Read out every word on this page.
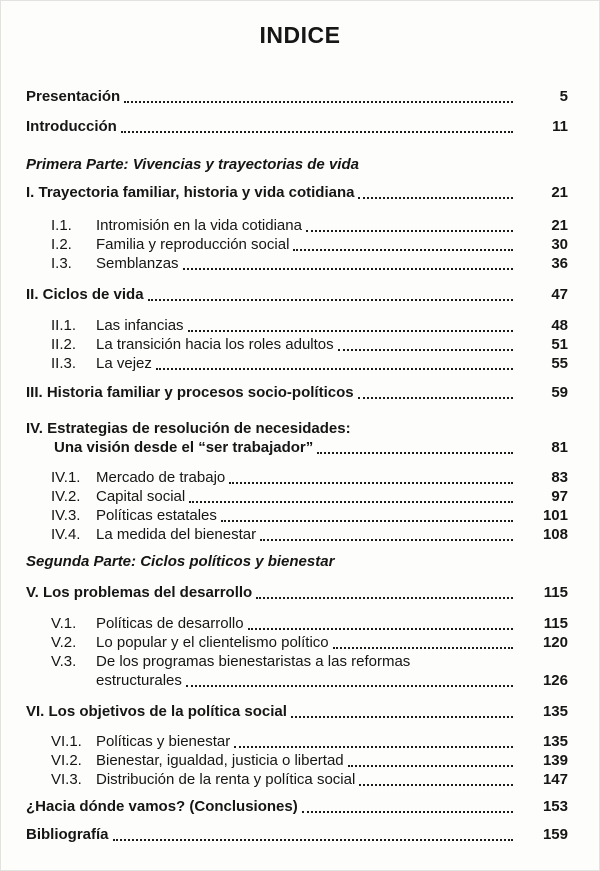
INDICE
Presentación	5
Introducción	11
Primera Parte: Vivencias y trayectorias de vida
I. Trayectoria familiar, historia y vida cotidiana	21
I.1.	Intromisión en la vida cotidiana	21
I.2.	Familia y reproducción social	30
I.3.	Semblanzas	36
II. Ciclos de vida	47
II.1.	Las infancias	48
II.2.	La transición hacia los roles adultos	51
II.3.	La vejez	55
III. Historia familiar y procesos socio-políticos	59
IV. Estrategias de resolución de necesidades:
Una visión desde el “ser trabajador”	81
IV.1.	Mercado de trabajo	83
IV.2.	Capital social	97
IV.3.	Políticas estatales	101
IV.4.	La medida del bienestar	108
Segunda Parte: Ciclos políticos y bienestar
V. Los problemas del desarrollo	115
V.1.	Políticas de desarrollo	115
V.2.	Lo popular y el clientelismo político	120
V.3.	De los programas bienestaristas a las reformas
estructurales	126
VI. Los objetivos de la política social	135
VI.1. Políticas y bienestar	135
VI.2. Bienestar, igualdad, justicia o libertad	139
VI.3. Distribución de la renta y política social	147
¿Hacia dónde vamos? (Conclusiones)	153
Bibliografía	159
